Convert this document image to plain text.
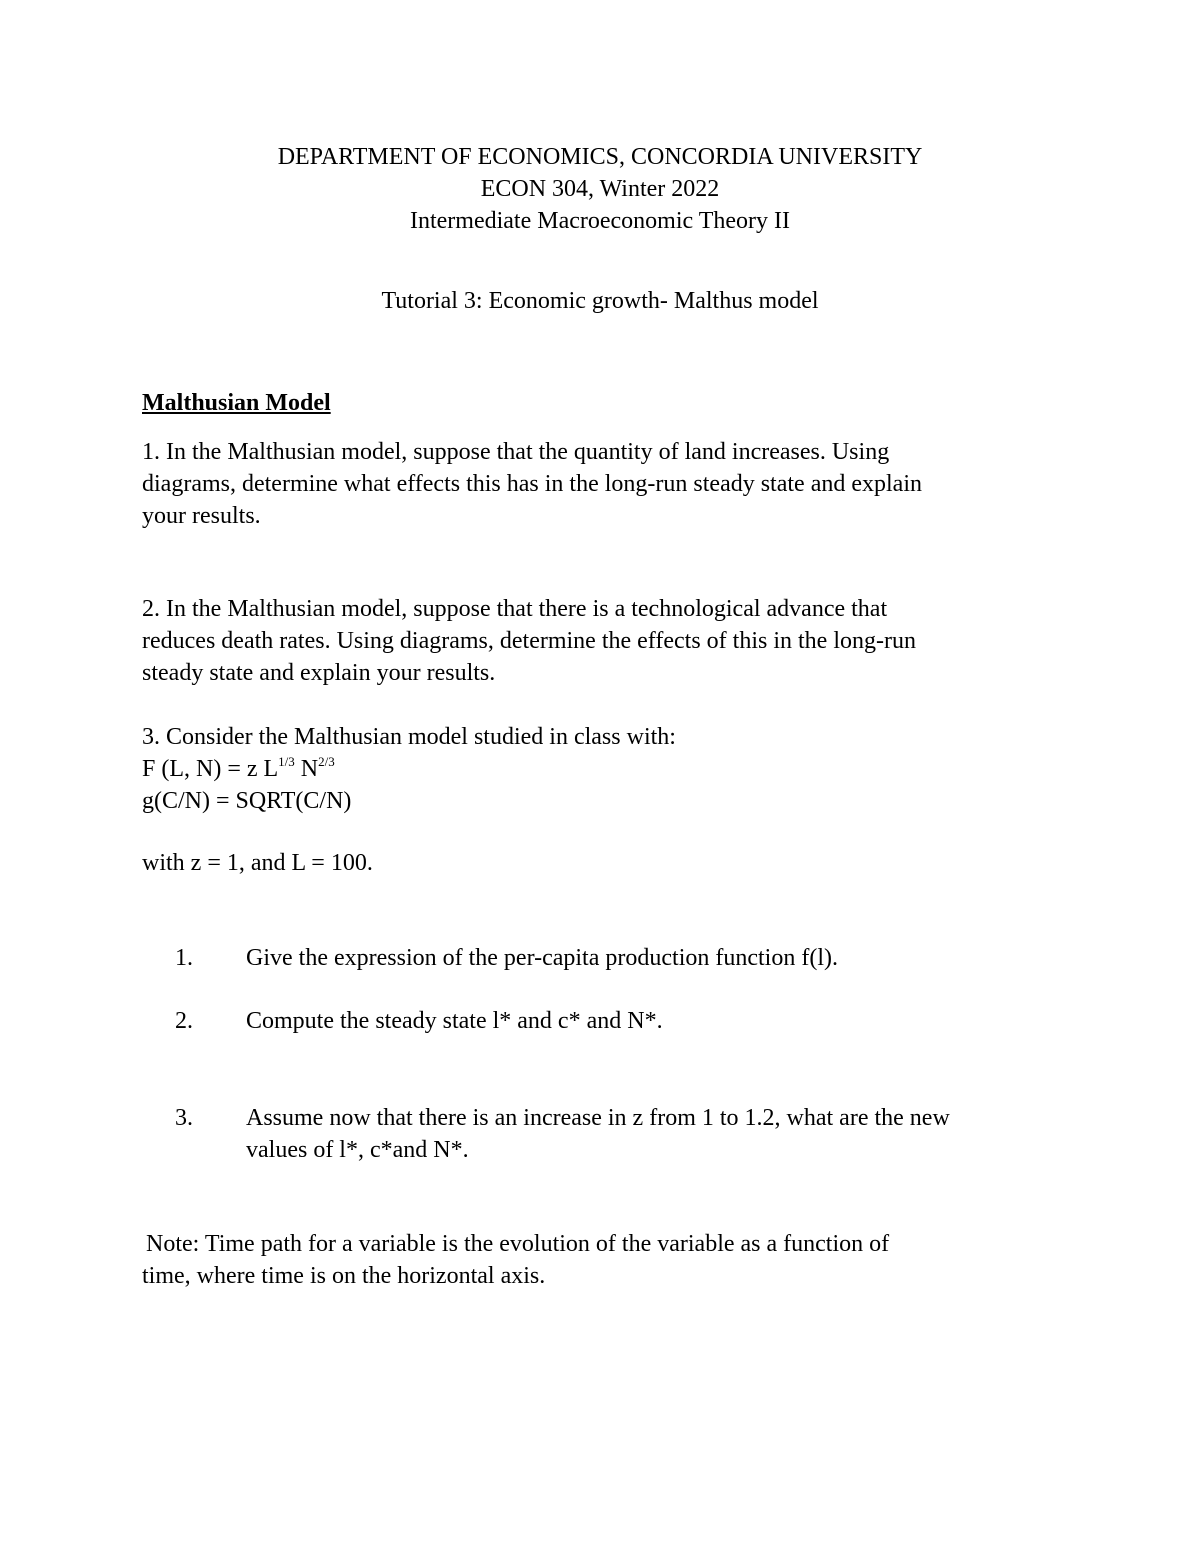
DEPARTMENT OF ECONOMICS, CONCORDIA UNIVERSITY
ECON 304, Winter 2022
Intermediate Macroeconomic Theory II
Tutorial 3: Economic growth- Malthus model
Malthusian Model
1. In the Malthusian model, suppose that the quantity of land increases. Using
diagrams, determine what effects this has in the long-run steady state and explain
your results.
2. In the Malthusian model, suppose that there is a technological advance that
reduces death rates. Using diagrams, determine the effects of this in the long-run
steady state and explain your results.
3. Consider the Malthusian model studied in class with:
F (L, N) = z $L^{1/3}$ $N^{2/3}$
g(C/N) = SQRT(C/N)
with z = 1, and L = 100.
1. Give the expression of the per-capita production function f(l).
2. Compute the steady state l* and c* and N*.
3. Assume now that there is an increase in z from 1 to 1.2, what are the new
values of l*, c*and N*.
Note: Time path for a variable is the evolution of the variable as a function of
time, where time is on the horizontal axis.
